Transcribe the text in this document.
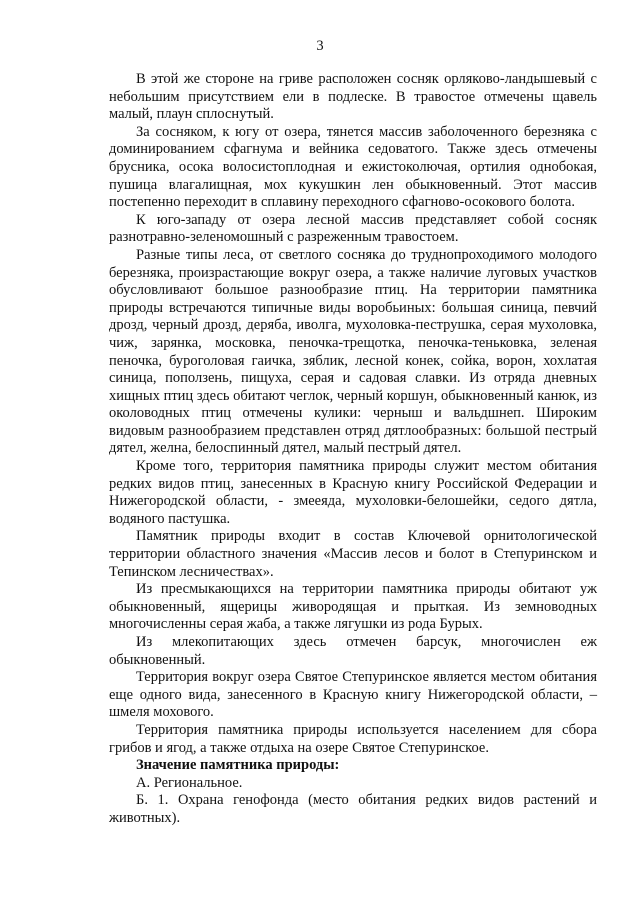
3

В этой же стороне на гриве расположен сосняк орляково-ландышевый с небольшим присутствием ели в подлеске. В травостое отмечены щавель малый, плаун сплоснутый.

За сосняком, к югу от озера, тянется массив заболоченного березняка с доминированием сфагнума и вейника седоватого. Также здесь отмечены брусника, осока волосистоплодная и ежистоколючая, ортилия однобокая, пушица влагалищная, мох кукушкин лен обыкновенный. Этот массив постепенно переходит в сплавину переходного сфагново-осокового болота.

К юго-западу от озера лесной массив представляет собой сосняк разнотравно-зеленомошный с разреженным травостоем.

Разные типы леса, от светлого сосняка до труднопроходимого молодого березняка, произрастающие вокруг озера, а также наличие луговых участков обусловливают большое разнообразие птиц. На территории памятника природы встречаются типичные виды воробьиных: большая синица, певчий дрозд, черный дрозд, деряба, иволга, мухоловка-пеструшка, серая мухоловка, чиж, зарянка, московка, пеночка-трещотка, пеночка-теньковка, зеленая пеночка, буроголовая гаичка, зяблик, лесной конек, сойка, ворон, хохлатая синица, поползень, пищуха, серая и садовая славки. Из отряда дневных хищных птиц здесь обитают чеглок, черный коршун, обыкновенный канюк, из околоводных птиц отмечены кулики: черныш и вальдшнеп. Широким видовым разнообразием представлен отряд дятлообразных: большой пестрый дятел, желна, белоспинный дятел, малый пестрый дятел.

Кроме того, территория памятника природы служит местом обитания редких видов птиц, занесенных в Красную книгу Российской Федерации и Нижегородской области, - змееяда, мухоловки-белошейки, седого дятла, водяного пастушка.

Памятник природы входит в состав Ключевой орнитологической территории областного значения «Массив лесов и болот в Степуринском и Тепинском лесничествах».

Из пресмыкающихся на территории памятника природы обитают уж обыкновенный, ящерицы живородящая и прыткая. Из земноводных многочисленны серая жаба, а также лягушки из рода Бурых.

Из млекопитающих здесь отмечен барсук, многочислен еж обыкновенный.

Территория вокруг озера Святое Степуринское является местом обитания еще одного вида, занесенного в Красную книгу Нижегородской области, – шмеля мохового.

Территория памятника природы используется населением для сбора грибов и ягод, а также отдыха на озере Святое Степуринское.

Значение памятника природы:

А. Региональное.

Б. 1. Охрана генофонда (место обитания редких видов растений и животных).
